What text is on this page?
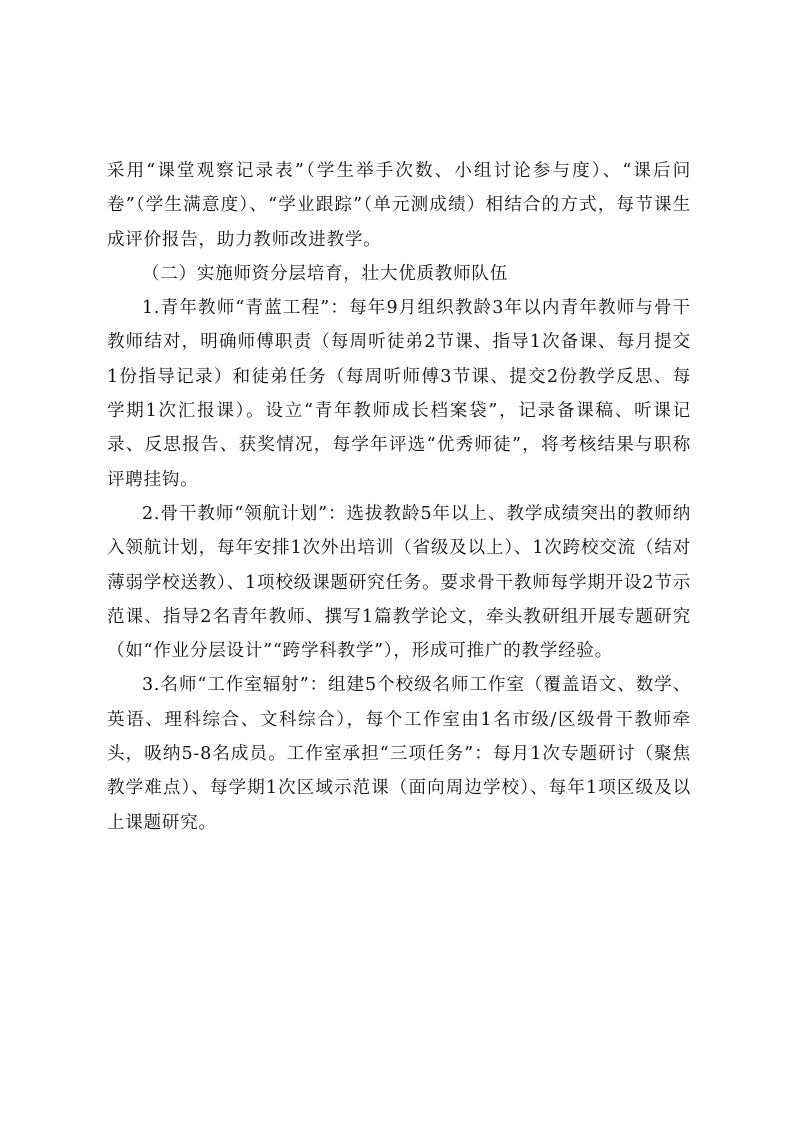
采用“课堂观察记录表”（学生举手次数、小组讨论参与度）、“课后问卷”（学生满意度）、“学业跟踪”（单元测成绩）相结合的方式，每节课生成评价报告，助力教师改进教学。

（二）实施师资分层培育，壮大优质教师队伍

1.青年教师“青蓝工程”：每年9月组织教龄3年以内青年教师与骨干教师结对，明确师傅职责（每周听徒弟2节课、指导1次备课、每月提交1份指导记录）和徒弟任务（每周听师傅3节课、提交2份教学反思、每学期1次汇报课）。设立“青年教师成长档案袋”，记录备课稿、听课记录、反思报告、获奖情况，每学年评选“优秀师徒”，将考核结果与职称评聘挂钩。

2.骨干教师“领航计划”：选拔教龄5年以上、教学成绩突出的教师纳入领航计划，每年安排1次外出培训（省级及以上）、1次跨校交流（结对薄弱学校送教）、1项校级课题研究任务。要求骨干教师每学期开设2节示范课、指导2名青年教师、撰写1篇教学论文，牵头教研组开展专题研究（如“作业分层设计”“跨学科教学”），形成可推广的教学经验。

3.名师“工作室辐射”：组建5个校级名师工作室（覆盖语文、数学、英语、理科综合、文科综合），每个工作室由1名市级/区级骨干教师牵头，吸纳5-8名成员。工作室承担“三项任务”：每月1次专题研讨（聚焦教学难点）、每学期1次区域示范课（面向周边学校）、每年1项区级及以上课题研究。
